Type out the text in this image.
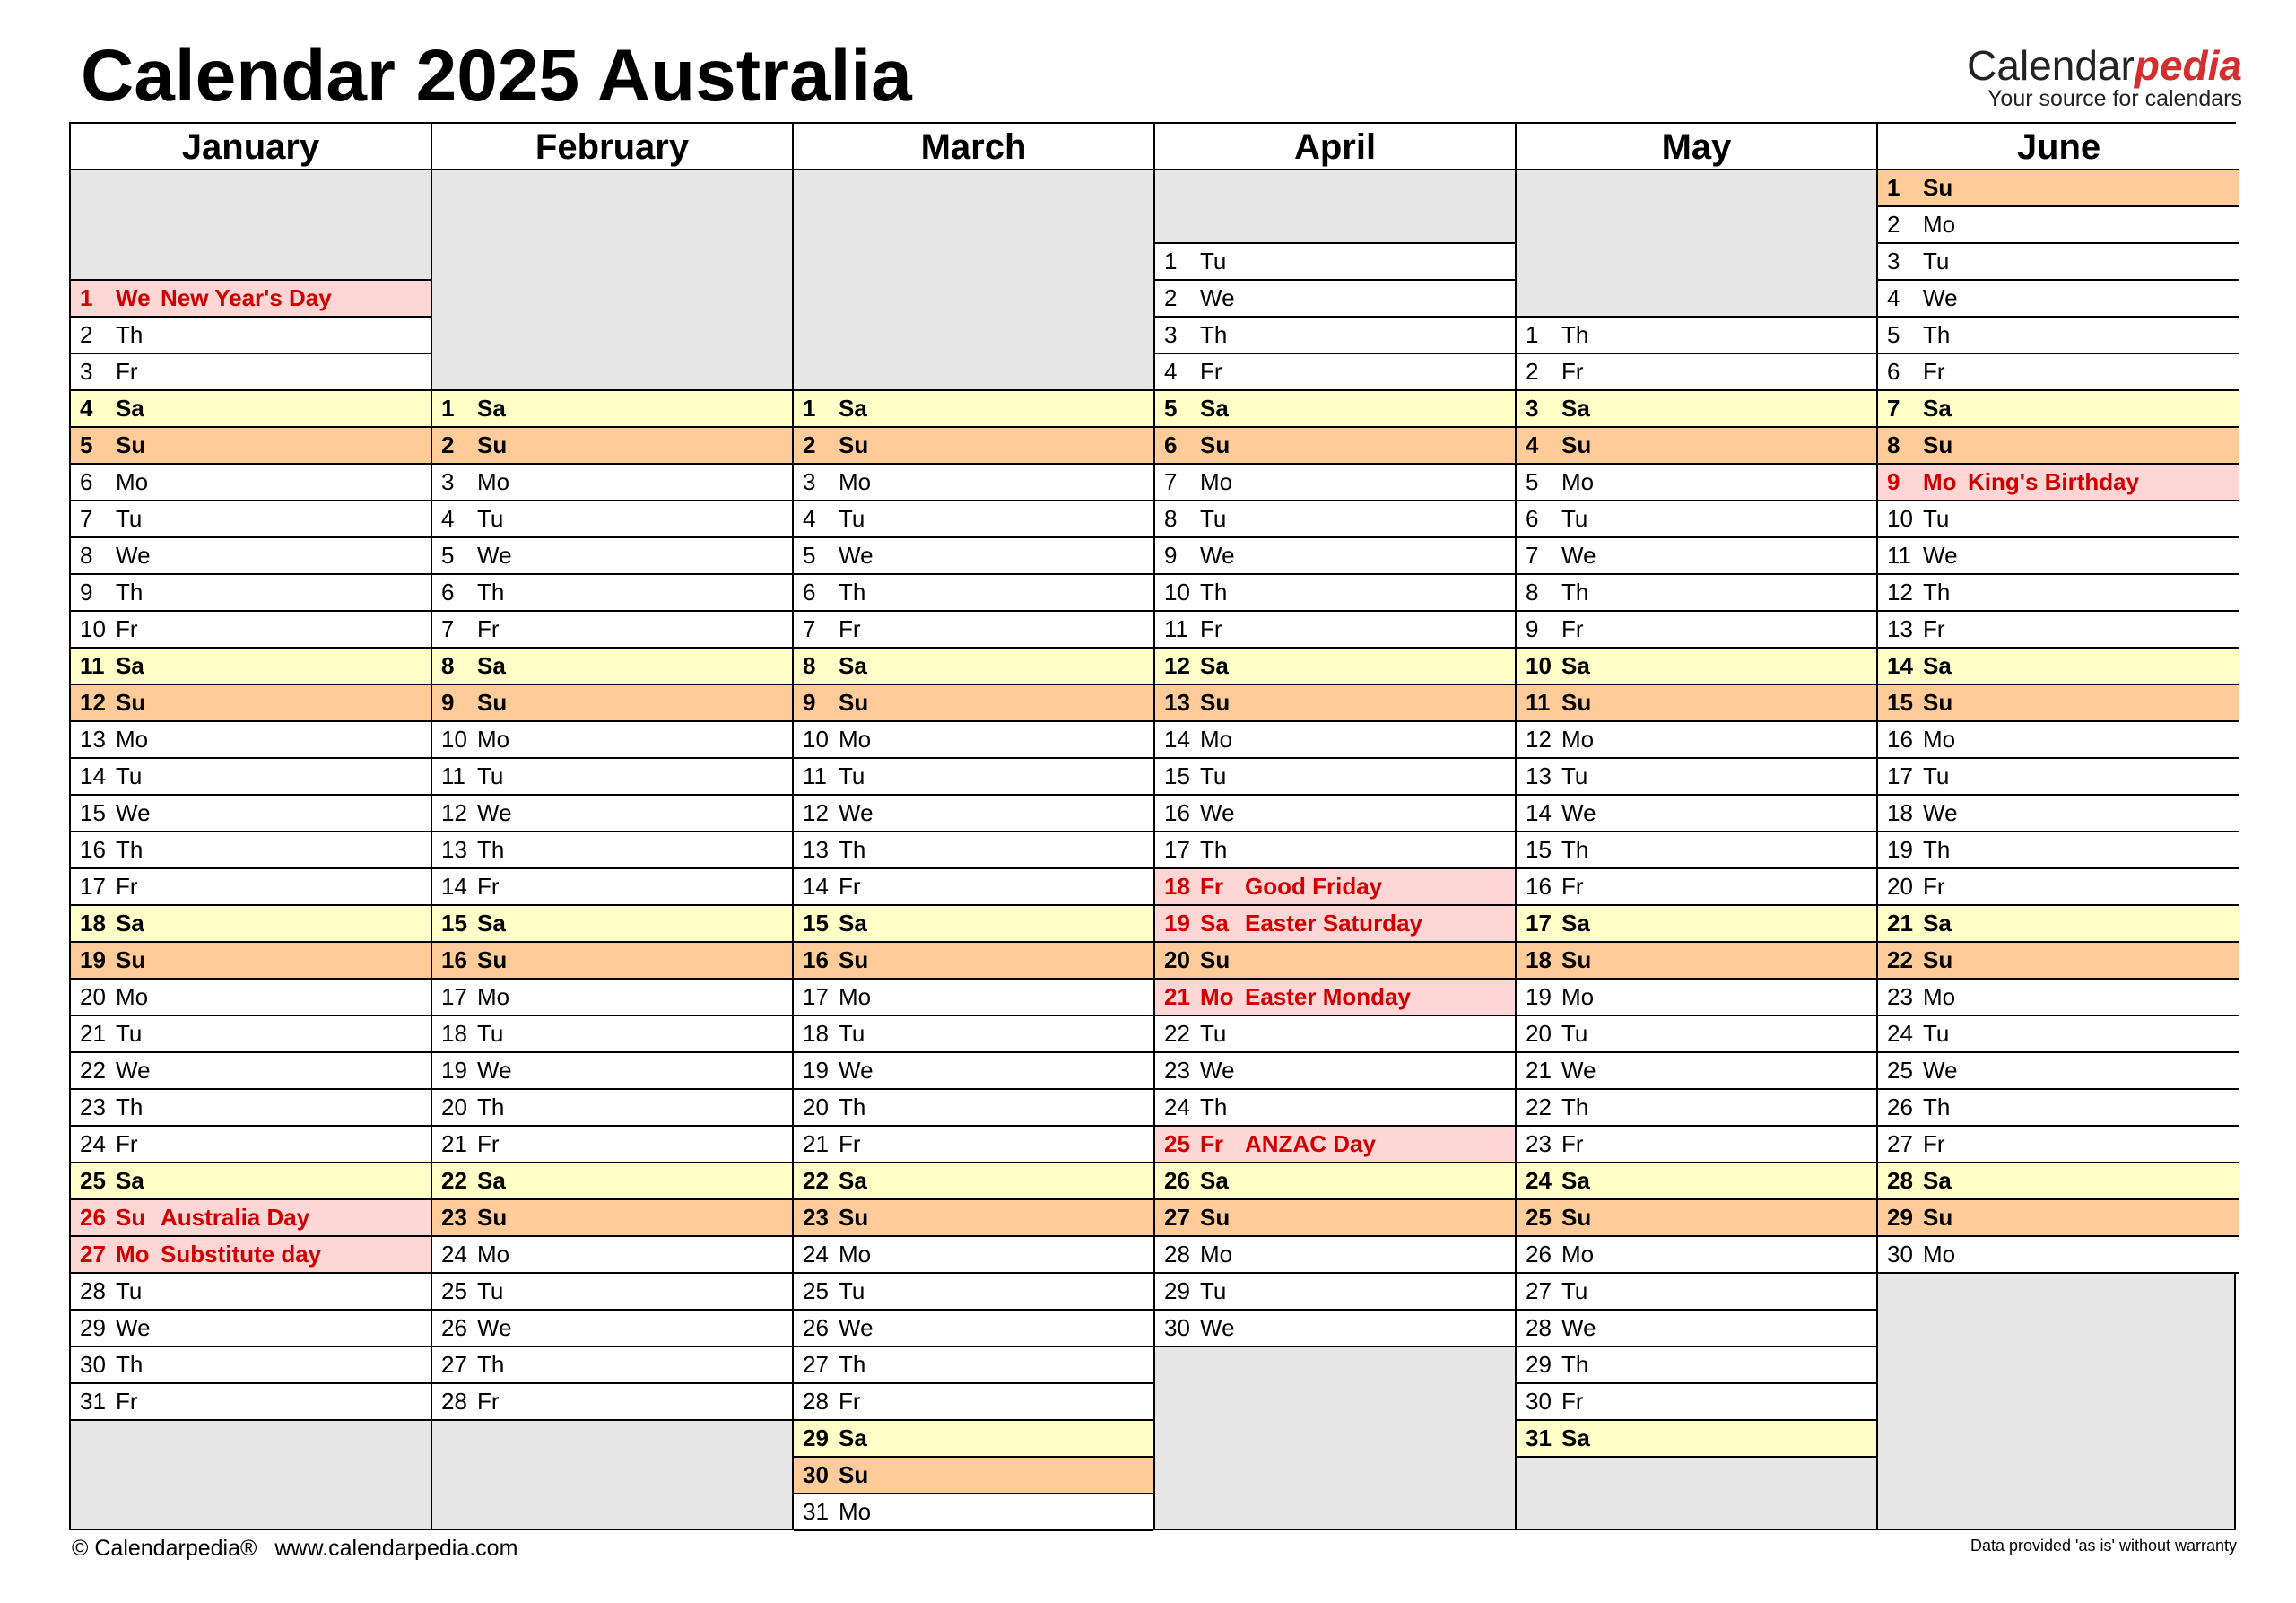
Calendar 2025 Australia	Calendarpedia
Your source for calendars
January
1 We New Year's Day
2 Th
3 Fr
4 Sa
5 Su
6 Mo
7 Tu
8 We
9 Th
10 Fr
11 Sa
12 Su
13 Mo
14 Tu
15 We
16 Th
17 Fr
18 Sa
19 Su
20 Mo
21 Tu
22 We
23 Th
24 Fr
25 Sa
26 Su Australia Day
27 Mo Substitute day
28 Tu
29 We
30 Th
31 Fr
February
1 Sa
2 Su
3 Mo
4 Tu
5 We
6 Th
7 Fr
8 Sa
9 Su
10 Mo
11 Tu
12 We
13 Th
14 Fr
15 Sa
16 Su
17 Mo
18 Tu
19 We
20 Th
21 Fr
22 Sa
23 Su
24 Mo
25 Tu
26 We
27 Th
28 Fr
March
1 Sa
2 Su
3 Mo
4 Tu
5 We
6 Th
7 Fr
8 Sa
9 Su
10 Mo
11 Tu
12 We
13 Th
14 Fr
15 Sa
16 Su
17 Mo
18 Tu
19 We
20 Th
21 Fr
22 Sa
23 Su
24 Mo
25 Tu
26 We
27 Th
28 Fr
29 Sa
30 Su
31 Mo
April
1 Tu
2 We
3 Th
4 Fr
5 Sa
6 Su
7 Mo
8 Tu
9 We
10 Th
11 Fr
12 Sa
13 Su
14 Mo
15 Tu
16 We
17 Th
18 Fr Good Friday
19 Sa Easter Saturday
20 Su
21 Mo Easter Monday
22 Tu
23 We
24 Th
25 Fr ANZAC Day
26 Sa
27 Su
28 Mo
29 Tu
30 We
May
1 Th
2 Fr
3 Sa
4 Su
5 Mo
6 Tu
7 We
8 Th
9 Fr
10 Sa
11 Su
12 Mo
13 Tu
14 We
15 Th
16 Fr
17 Sa
18 Su
19 Mo
20 Tu
21 We
22 Th
23 Fr
24 Sa
25 Su
26 Mo
27 Tu
28 We
29 Th
30 Fr
31 Sa
June
1 Su
2 Mo
3 Tu
4 We
5 Th
6 Fr
7 Sa
8 Su
9 Mo King's Birthday
10 Tu
11 We
12 Th
13 Fr
14 Sa
15 Su
16 Mo
17 Tu
18 We
19 Th
20 Fr
21 Sa
22 Su
23 Mo
24 Tu
25 We
26 Th
27 Fr
28 Sa
29 Su
30 Mo
© Calendarpedia® www.calendarpedia.com	Data provided 'as is' without warranty
